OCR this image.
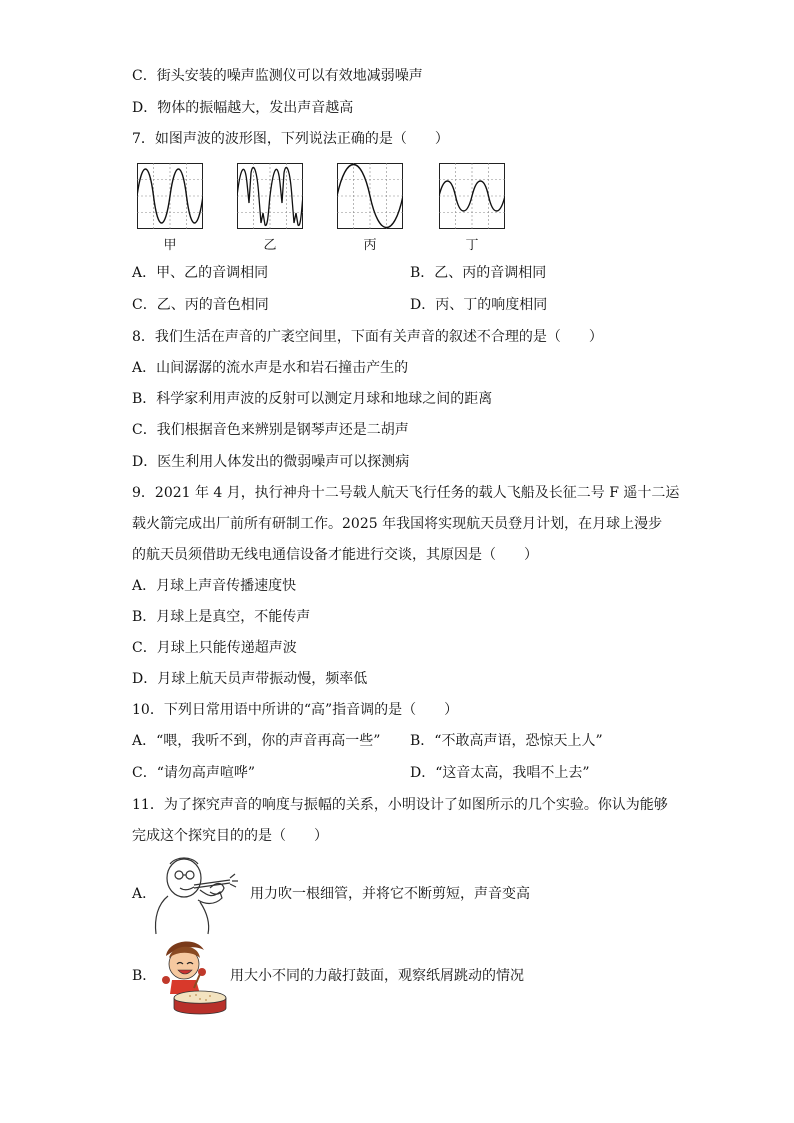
C．街头安装的噪声监测仪可以有效地减弱噪声
D．物体的振幅越大，发出声音越高
7．如图声波的波形图，下列说法正确的是（　　）
甲	乙	丙	丁
A．甲、乙的音调相同	B．乙、丙的音调相同
C．乙、丙的音色相同	D．丙、丁的响度相同
8．我们生活在声音的广袤空间里，下面有关声音的叙述不合理的是（　　）
A．山间潺潺的流水声是水和岩石撞击产生的
B．科学家利用声波的反射可以测定月球和地球之间的距离
C．我们根据音色来辨别是钢琴声还是二胡声
D．医生利用人体发出的微弱噪声可以探测病
9．2021 年 4 月，执行神舟十二号载人航天飞行任务的载人飞船及长征二号 F 遥十二运
载火箭完成出厂前所有研制工作。2025 年我国将实现航天员登月计划，在月球上漫步
的航天员须借助无线电通信设备才能进行交谈，其原因是（　　）
A．月球上声音传播速度快
B．月球上是真空，不能传声
C．月球上只能传递超声波
D．月球上航天员声带振动慢，频率低
10．下列日常用语中所讲的“高”指音调的是（　　）
A．“喂，我听不到，你的声音再高一些” B．“不敢高声语，恐惊天上人”
C．“请勿高声喧哗”	D．“这音太高，我唱不上去”
11．为了探究声音的响度与振幅的关系，小明设计了如图所示的几个实验。你认为能够
完成这个探究目的的是（　　）
A．	用力吹一根细管，并将它不断剪短，声音变高
B．	用大小不同的力敲打鼓面，观察纸屑跳动的情况
